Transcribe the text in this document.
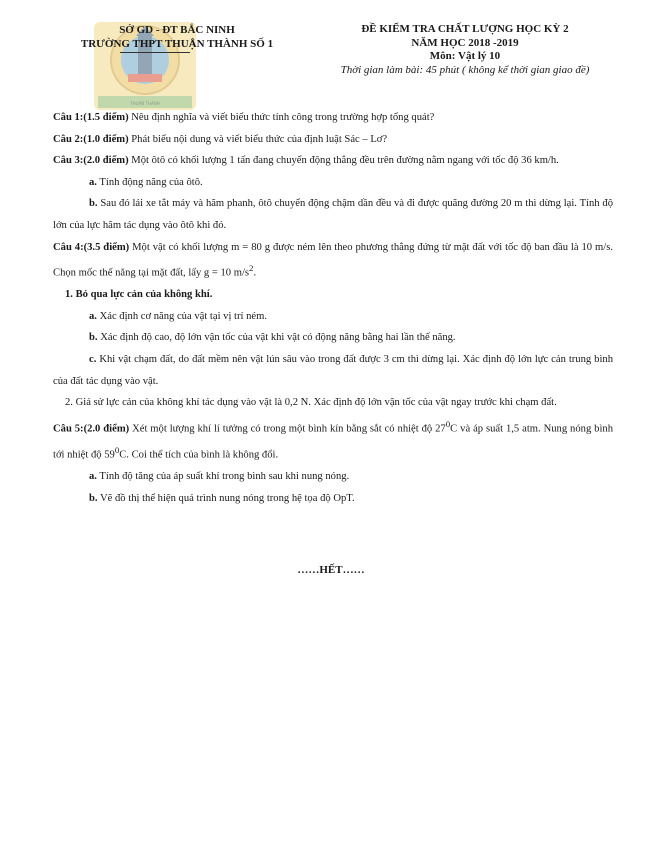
THUẬN THÀNH
SỞ GD - ĐT BẮC NINH
TRƯỜNG THPT THUẬN THÀNH SỐ 1
ĐỀ KIỂM TRA CHẤT LƯỢNG HỌC KỲ 2
NĂM HỌC 2018 -2019
Môn: Vật lý 10
Thời gian làm bài: 45 phút ( không kể thời gian giao đề)

Câu 1:(1.5 điểm) Nêu định nghĩa và viết biểu thức tính công trong trường hợp tổng quát?

Câu 2:(1.0 điểm) Phát biểu nội dung và viết biểu thức của định luật Sác – Lơ?

Câu 3:(2.0 điểm) Một ôtô có khối lượng 1 tấn đang chuyển động thẳng đều trên đường nằm ngang với tốc độ 36 km/h.

a. Tính động năng của ôtô.

b. Sau đó lái xe tắt máy và hãm phanh, ôtô chuyển động chậm dần đều và đi được quãng đường 20 m thì dừng lại. Tính độ lớn của lực hãm tác dụng vào ôtô khi đó.

Câu 4:(3.5 điểm) Một vật có khối lượng m = 80 g được ném lên theo phương thẳng đứng từ mặt đất với tốc độ ban đầu là 10 m/s. Chọn mốc thế năng tại mặt đất, lấy g = 10 $m/s^2$.

1. Bỏ qua lực cản của không khí.

a. Xác định cơ năng của vật tại vị trí ném.

b. Xác định độ cao, độ lớn vận tốc của vật khi vật có động năng bằng hai lần thế năng.

c. Khi vật chạm đất, do đất mềm nên vật lún sâu vào trong đất được 3 cm thì dừng lại. Xác định độ lớn lực cản trung bình của đất tác dụng vào vật.

2. Giả sử lực cản của không khí tác dụng vào vật là 0,2 N. Xác định độ lớn vận tốc của vật ngay trước khi chạm đất.

Câu 5:(2.0 điểm) Xét một lượng khí lí tưởng có trong một bình kín bằng sắt có nhiệt độ $27^0C$ và áp suất 1,5 atm. Nung nóng bình tới nhiệt độ $59^0C$. Coi thể tích của bình là không đổi.

a. Tính độ tăng của áp suất khí trong bình sau khi nung nóng.

b. Vẽ đồ thị thể hiện quá trình nung nóng trong hệ tọa độ OpT.

……HẾT……
